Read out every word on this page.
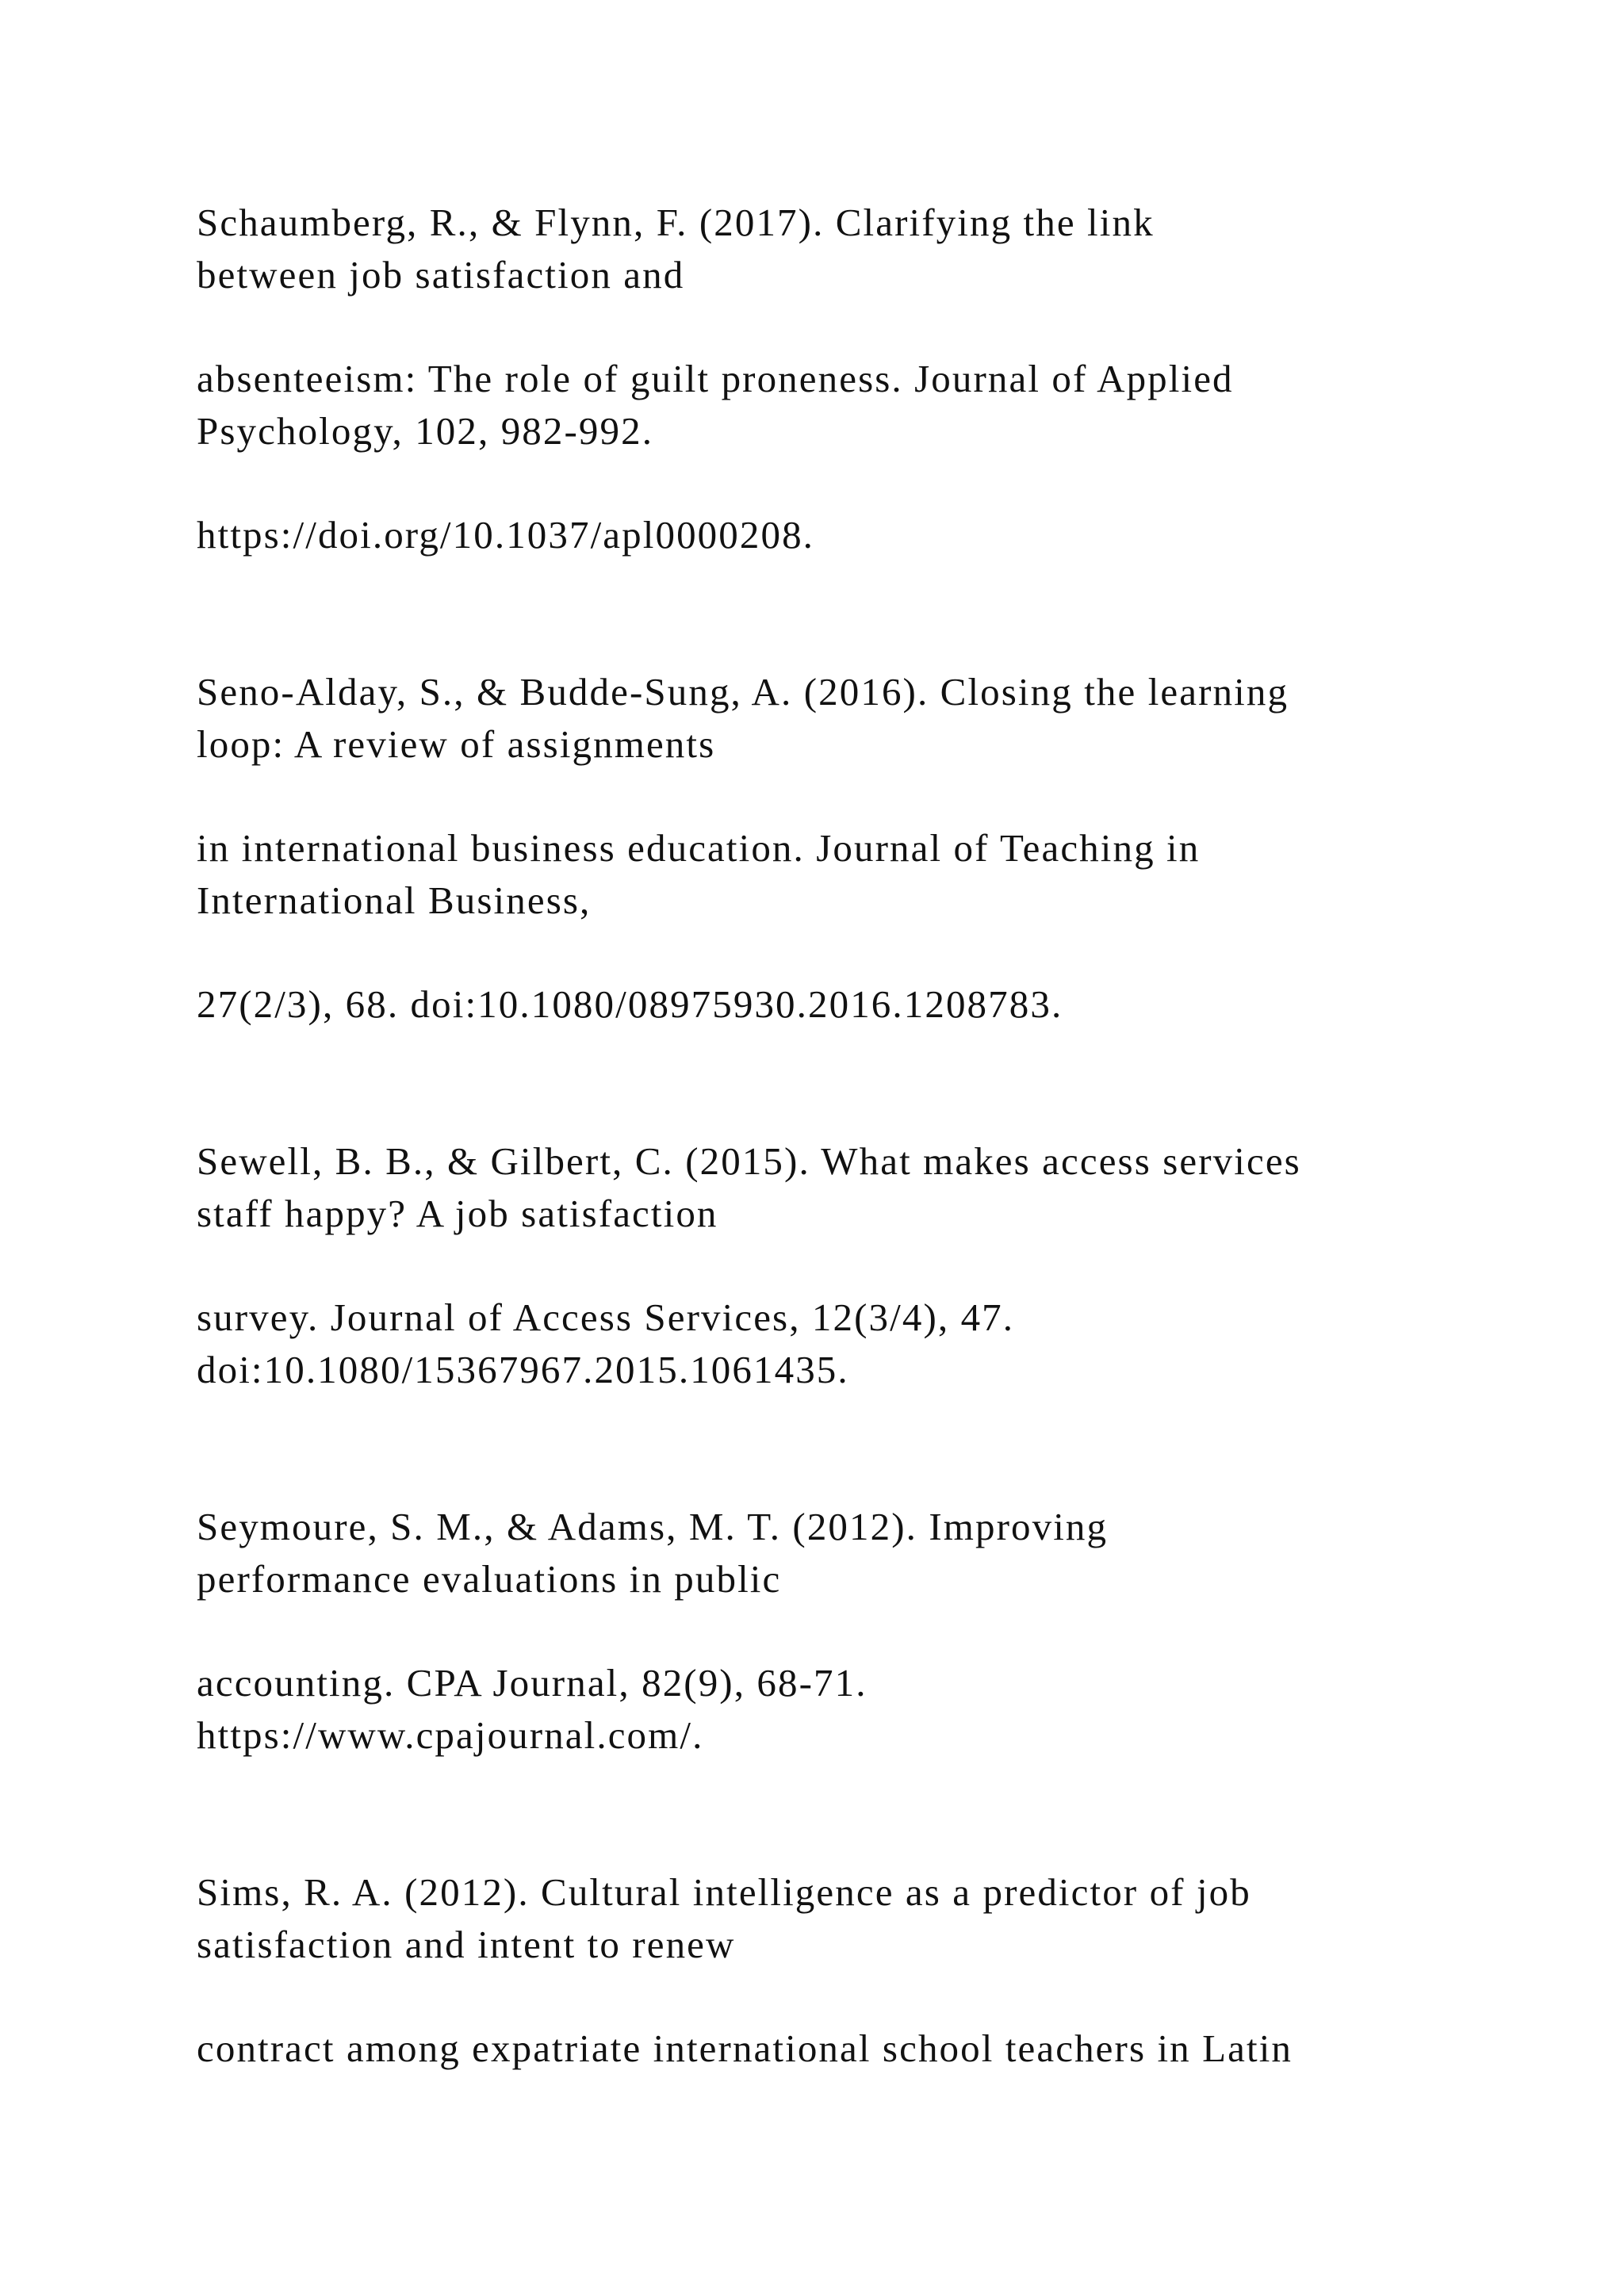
Schaumberg, R., & Flynn, F. (2017). Clarifying the link
between job satisfaction and
absenteeism: The role of guilt proneness. Journal of Applied
Psychology, 102, 982-992.
https://doi.org/10.1037/apl0000208.
Seno-Alday, S., & Budde-Sung, A. (2016). Closing the learning
loop: A review of assignments
in international business education. Journal of Teaching in
International Business,
27(2/3), 68. doi:10.1080/08975930.2016.1208783.
Sewell, B. B., & Gilbert, C. (2015). What makes access services
staff happy? A job satisfaction
survey. Journal of Access Services, 12(3/4), 47.
doi:10.1080/15367967.2015.1061435.
Seymoure, S. M., & Adams, M. T. (2012). Improving
performance evaluations in public
accounting. CPA Journal, 82(9), 68-71.
https://www.cpajournal.com/.
Sims, R. A. (2012). Cultural intelligence as a predictor of job
satisfaction and intent to renew
contract among expatriate international school teachers in Latin
